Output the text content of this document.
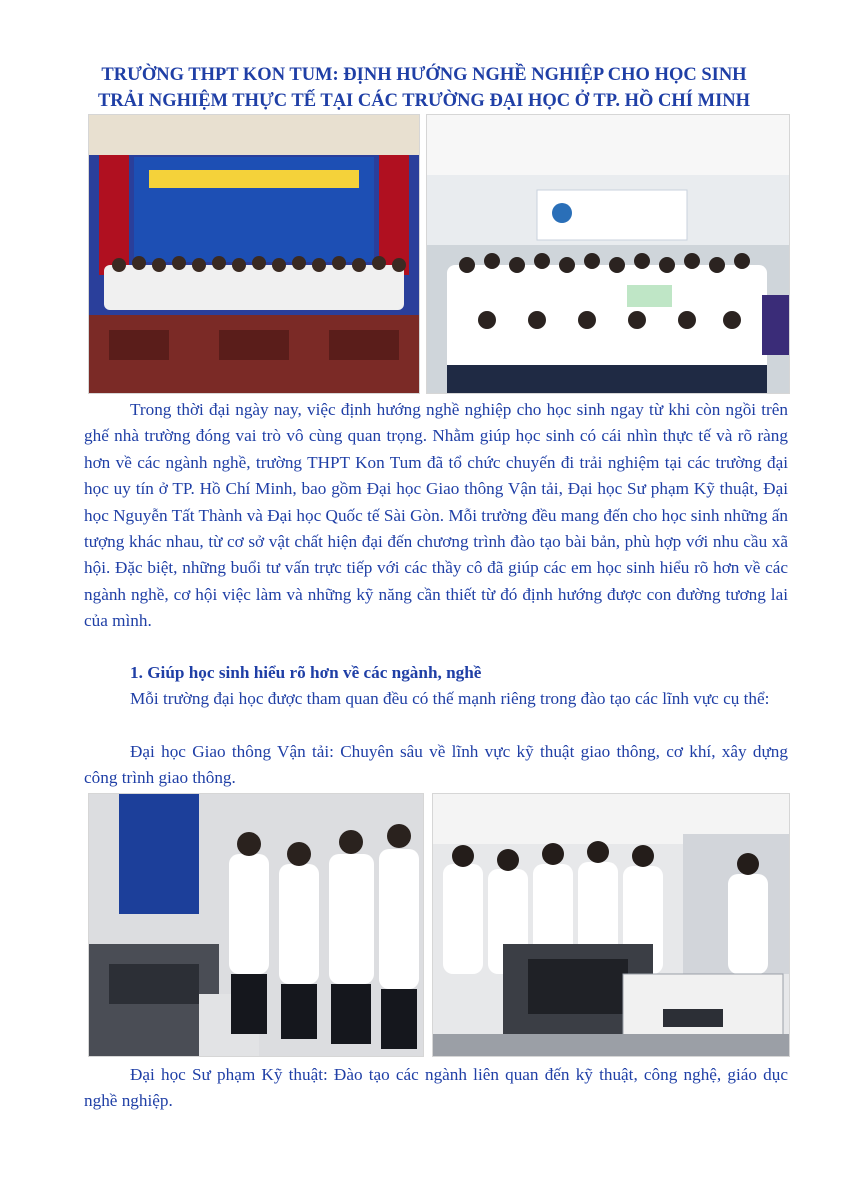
TRƯỜNG THPT KON TUM: ĐỊNH HƯỚNG NGHỀ NGHIỆP CHO HỌC SINH
TRẢI NGHIỆM THỰC TẾ TẠI CÁC TRƯỜNG ĐẠI HỌC Ở TP. HỒ CHÍ MINH

Trong thời đại ngày nay, việc định hướng nghề nghiệp cho học sinh ngay từ khi còn ngồi trên ghế nhà trường đóng vai trò vô cùng quan trọng. Nhằm giúp học sinh có cái nhìn thực tế và rõ ràng hơn về các ngành nghề, trường THPT Kon Tum đã tổ chức chuyến đi trải nghiệm tại các trường đại học uy tín ở TP. Hồ Chí Minh, bao gồm Đại học Giao thông Vận tải, Đại học Sư phạm Kỹ thuật, Đại học Nguyễn Tất Thành và Đại học Quốc tế Sài Gòn. Mỗi trường đều mang đến cho học sinh những ấn tượng khác nhau, từ cơ sở vật chất hiện đại đến chương trình đào tạo bài bản, phù hợp với nhu cầu xã hội. Đặc biệt, những buổi tư vấn trực tiếp với các thầy cô đã giúp các em học sinh hiểu rõ hơn về các ngành nghề, cơ hội việc làm và những kỹ năng cần thiết từ đó định hướng được con đường tương lai của mình.

1. Giúp học sinh hiểu rõ hơn về các ngành, nghề

Mỗi trường đại học được tham quan đều có thế mạnh riêng trong đào tạo các lĩnh vực cụ thể:

Đại học Giao thông Vận tải: Chuyên sâu về lĩnh vực kỹ thuật giao thông, cơ khí, xây dựng công trình giao thông.

Đại học Sư phạm Kỹ thuật: Đào tạo các ngành liên quan đến kỹ thuật, công nghệ, giáo dục nghề nghiệp.
